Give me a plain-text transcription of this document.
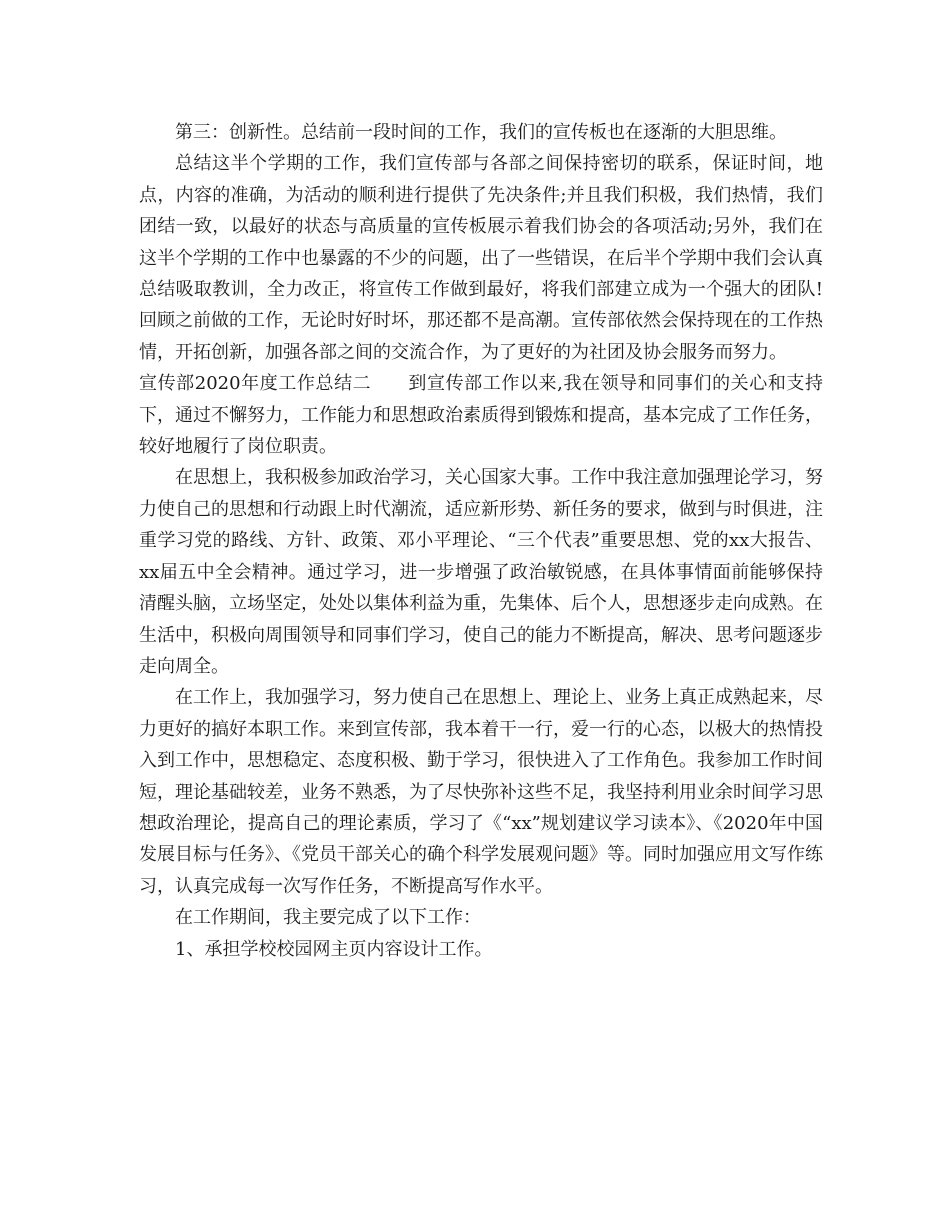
第三：创新性。总结前一段时间的工作，我们的宣传板也在逐渐的大胆思维。

总结这半个学期的工作，我们宣传部与各部之间保持密切的联系，保证时间，地点，内容的准确，为活动的顺利进行提供了先决条件;并且我们积极，我们热情，我们团结一致，以最好的状态与高质量的宣传板展示着我们协会的各项活动;另外，我们在这半个学期的工作中也暴露的不少的问题，出了一些错误，在后半个学期中我们会认真总结吸取教训，全力改正，将宣传工作做到最好，将我们部建立成为一个强大的团队!回顾之前做的工作，无论时好时坏，那还都不是高潮。宣传部依然会保持现在的工作热情，开拓创新，加强各部之间的交流合作，为了更好的为社团及协会服务而努力。

宣传部2020年度工作总结二　　到宣传部工作以来,我在领导和同事们的关心和支持下，通过不懈努力，工作能力和思想政治素质得到锻炼和提高，基本完成了工作任务，较好地履行了岗位职责。

在思想上，我积极参加政治学习，关心国家大事。工作中我注意加强理论学习，努力使自己的思想和行动跟上时代潮流，适应新形势、新任务的要求，做到与时俱进，注重学习党的路线、方针、政策、邓小平理论、“三个代表”重要思想、党的xx大报告、xx届五中全会精神。通过学习，进一步增强了政治敏锐感，在具体事情面前能够保持清醒头脑，立场坚定，处处以集体利益为重，先集体、后个人，思想逐步走向成熟。在生活中，积极向周围领导和同事们学习，使自己的能力不断提高，解决、思考问题逐步走向周全。

在工作上，我加强学习，努力使自己在思想上、理论上、业务上真正成熟起来，尽力更好的搞好本职工作。来到宣传部，我本着干一行，爱一行的心态，以极大的热情投入到工作中，思想稳定、态度积极、勤于学习，很快进入了工作角色。我参加工作时间短，理论基础较差，业务不熟悉，为了尽快弥补这些不足，我坚持利用业余时间学习思想政治理论，提高自己的理论素质，学习了《“xx”规划建议学习读本》、《2020年中国发展目标与任务》、《党员干部关心的确个科学发展观问题》等。同时加强应用文写作练习，认真完成每一次写作任务，不断提高写作水平。

在工作期间，我主要完成了以下工作：

1、承担学校校园网主页内容设计工作。
